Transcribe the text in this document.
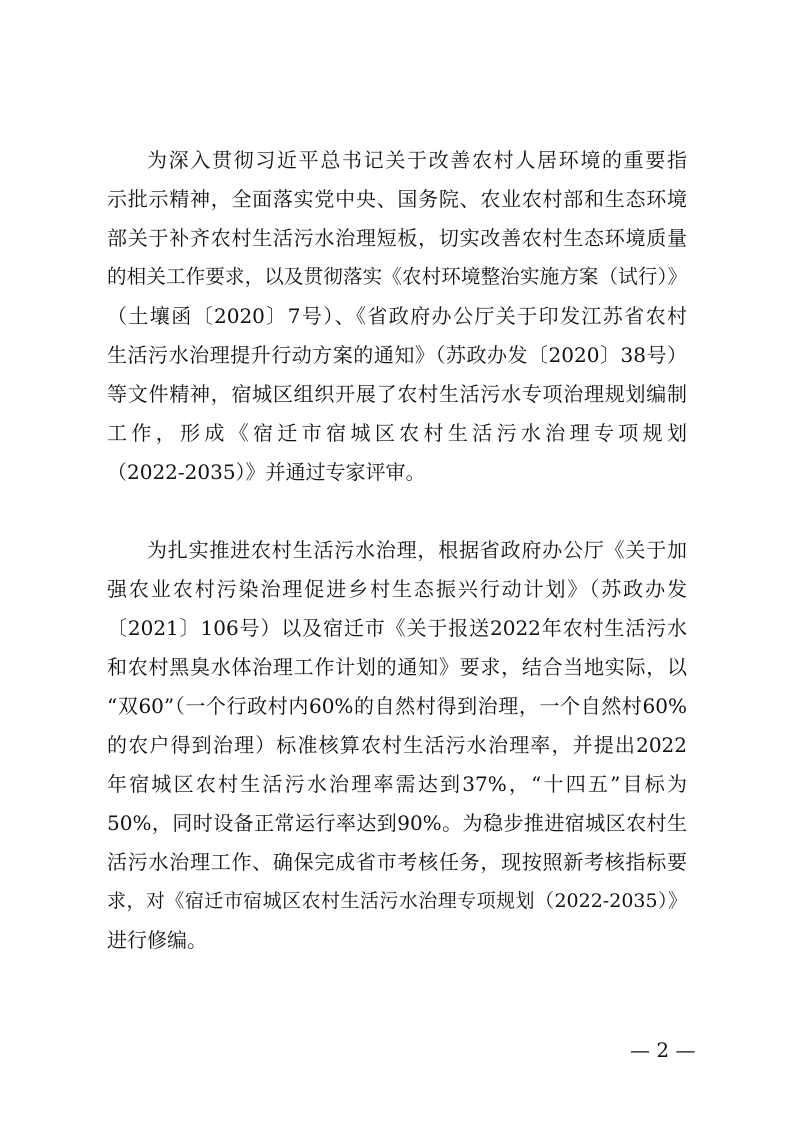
为深入贯彻习近平总书记关于改善农村人居环境的重要指

示批示精神，全面落实党中央、国务院、农业农村部和生态环境

部关于补齐农村生活污水治理短板，切实改善农村生态环境质量

的相关工作要求，以及贯彻落实《农村环境整治实施方案（试行）》

（土壤函〔2020〕7号）、《省政府办公厅关于印发江苏省农村

生活污水治理提升行动方案的通知》（苏政办发〔2020〕38号）

等文件精神，宿城区组织开展了农村生活污水专项治理规划编制

工作，形成《宿迁市宿城区农村生活污水治理专项规划

（2022-2035）》并通过专家评审。

为扎实推进农村生活污水治理，根据省政府办公厅《关于加

强农业农村污染治理促进乡村生态振兴行动计划》（苏政办发

〔2021〕106号）以及宿迁市《关于报送2022年农村生活污水

和农村黑臭水体治理工作计划的通知》要求，结合当地实际，以

“双60”（一个行政村内60%的自然村得到治理，一个自然村60%

的农户得到治理）标准核算农村生活污水治理率，并提出2022

年宿城区农村生活污水治理率需达到37%，“十四五”目标为

50%，同时设备正常运行率达到90%。为稳步推进宿城区农村生

活污水治理工作、确保完成省市考核任务，现按照新考核指标要

求，对《宿迁市宿城区农村生活污水治理专项规划（2022-2035）》

进行修编。

— 2 —
